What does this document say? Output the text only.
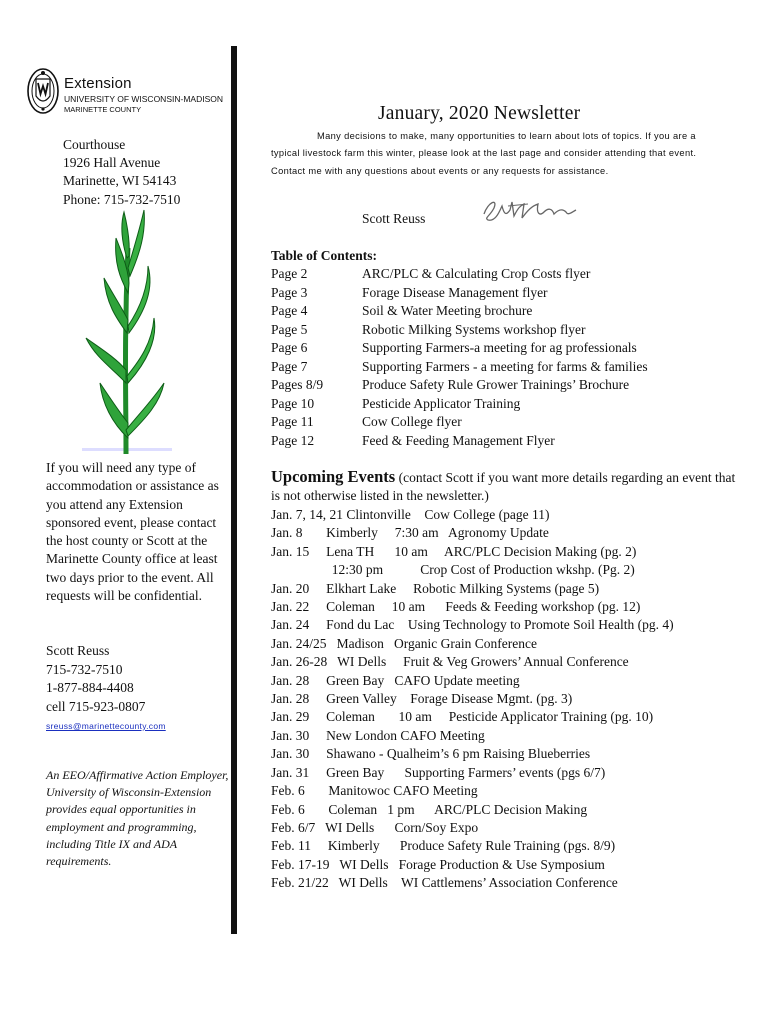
Extension
UNIVERSITY OF WISCONSIN-MADISON
MARINETTE COUNTY
Courthouse
1926 Hall Avenue
Marinette, WI 54143
Phone: 715-732-7510
If you will need any type of accommodation or assistance as you attend any Extension sponsored event, please contact the host county or Scott at the Marinette County office at least two days prior to the event. All requests will be confidential.
Scott Reuss
715-732-7510
1-877-884-4408
cell 715-923-0807
sreuss@marinettecounty.com
An EEO/Affirmative Action Employer, University of Wisconsin-Extension provides equal opportunities in employment and programming, including Title IX and ADA requirements.
January, 2020 Newsletter
Many decisions to make, many opportunities to learn about lots of topics. If you are a typical livestock farm this winter, please look at the last page and consider attending that event. Contact me with any questions about events or any requests for assistance.
Scott Reuss
Table of Contents:
Page 2	ARC/PLC & Calculating Crop Costs flyer
Page 3	Forage Disease Management flyer
Page 4	Soil & Water Meeting brochure
Page 5	Robotic Milking Systems workshop flyer
Page 6	Supporting Farmers-a meeting for ag professionals
Page 7	Supporting Farmers - a meeting for farms & families
Pages 8/9	Produce Safety Rule Grower Trainings’ Brochure
Page 10	Pesticide Applicator Training
Page 11	Cow College flyer
Page 12	Feed & Feeding Management Flyer
Upcoming Events (contact Scott if you want more details regarding an event that is not otherwise listed in the newsletter.)
Jan. 7, 14, 21 Clintonville    Cow College (page 11)
Jan. 8       Kimberly     7:30 am   Agronomy Update
Jan. 15     Lena TH      10 am     ARC/PLC Decision Making (pg. 2)
12:30 pm           Crop Cost of Production wkshp. (Pg. 2)
Jan. 20     Elkhart Lake     Robotic Milking Systems (page 5)
Jan. 22     Coleman     10 am      Feeds & Feeding workshop (pg. 12)
Jan. 24     Fond du Lac    Using Technology to Promote Soil Health (pg. 4)
Jan. 24/25   Madison   Organic Grain Conference
Jan. 26-28   WI Dells     Fruit & Veg Growers’ Annual Conference
Jan. 28     Green Bay   CAFO Update meeting
Jan. 28     Green Valley    Forage Disease Mgmt. (pg. 3)
Jan. 29     Coleman       10 am     Pesticide Applicator Training (pg. 10)
Jan. 30     New London CAFO Meeting
Jan. 30     Shawano - Qualheim’s 6 pm Raising Blueberries
Jan. 31     Green Bay      Supporting Farmers’ events (pgs 6/7)
Feb. 6       Manitowoc CAFO Meeting
Feb. 6       Coleman   1 pm      ARC/PLC Decision Making
Feb. 6/7   WI Dells      Corn/Soy Expo
Feb. 11     Kimberly      Produce Safety Rule Training (pgs. 8/9)
Feb. 17-19   WI Dells   Forage Production & Use Symposium
Feb. 21/22   WI Dells    WI Cattlemens’ Association Conference
